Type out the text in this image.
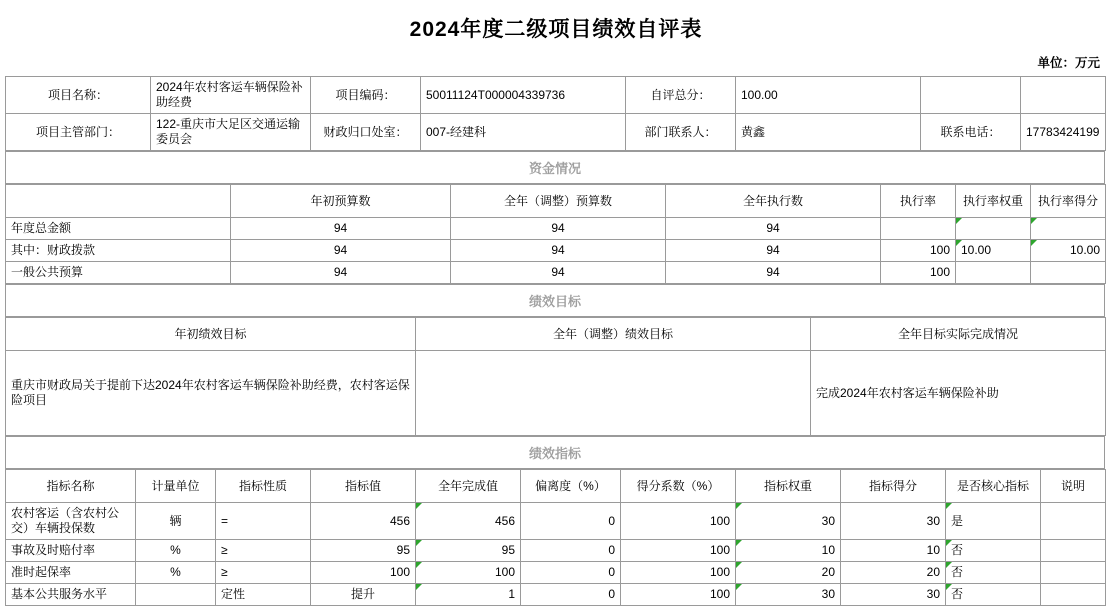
2024年度二级项目绩效自评表
单位：万元
项目名称：	2024年农村客运车辆保险补助经费	项目编码：	50011124T000004339736	自评总分：	100.00		
项目主管部门：	122-重庆市大足区交通运输委员会	财政归口处室：	007-经建科	部门联系人：	黄鑫	联系电话：	17783424199
资金情况
	年初预算数	全年（调整）预算数	全年执行数	执行率	执行率权重	执行率得分
年度总金额	94	94	94			
其中：财政拨款	94	94	94	100	10.00	10.00
一般公共预算	94	94	94	100		
绩效目标
年初绩效目标	全年（调整）绩效目标	全年目标实际完成情况
重庆市财政局关于提前下达2024年农村客运车辆保险补助经费，农村客运保险项目		完成2024年农村客运车辆保险补助
绩效指标
指标名称	计量单位	指标性质	指标值	全年完成值	偏离度（%）	得分系数（%）	指标权重	指标得分	是否核心指标	说明
农村客运（含农村公交）车辆投保数	辆	=	456	456	0	100	30	30	是	
事故及时赔付率	%	≥	95	95	0	100	10	10	否	
准时起保率	%	≥	100	100	0	100	20	20	否	
基本公共服务水平		定性	提升	1	0	100	30	30	否	
